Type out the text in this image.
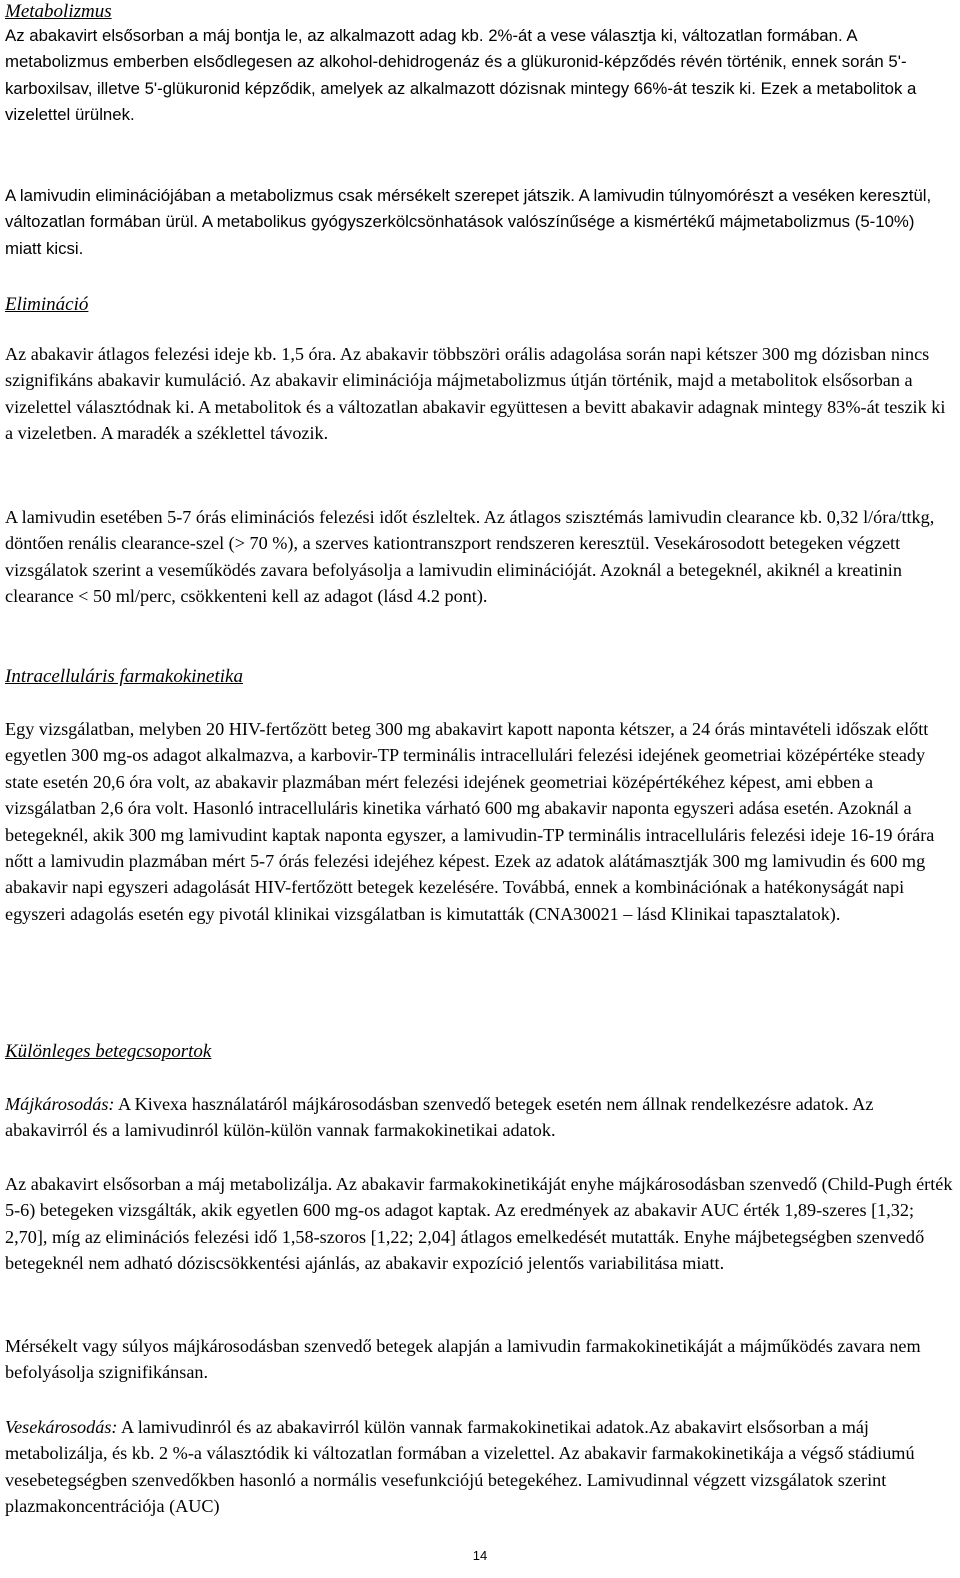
Metabolizmus

Az abakavirt elsősorban a máj bontja le, az alkalmazott adag kb. 2%-át a vese választja ki, változatlan formában. A metabolizmus emberben elsődlegesen az alkohol-dehidrogenáz és a glükuronid-képződés révén történik, ennek során 5'-karboxilsav, illetve 5'-glükuronid képződik, amelyek az alkalmazott dózisnak mintegy 66%-át teszik ki. Ezek a metabolitok a vizelettel ürülnek.

A lamivudin eliminációjában a metabolizmus csak mérsékelt szerepet játszik. A lamivudin túlnyomórészt a veséken keresztül, változatlan formában ürül. A metabolikus gyógyszerkölcsönhatások valószínűsége a kismértékű májmetabolizmus (5-10%) miatt kicsi.

Elimináció

Az abakavir átlagos felezési ideje kb. 1,5 óra. Az abakavir többszöri orális adagolása során napi kétszer 300 mg dózisban nincs szignifikáns abakavir kumuláció. Az abakavir eliminációja májmetabolizmus útján történik, majd a metabolitok elsősorban a vizelettel választódnak ki. A metabolitok és a változatlan abakavir együttesen a bevitt abakavir adagnak mintegy 83%-át teszik ki a vizeletben. A maradék a széklettel távozik.

A lamivudin esetében 5-7 órás eliminációs felezési időt észleltek. Az átlagos szisztémás lamivudin clearance kb. 0,32 l/óra/ttkg, döntően renális clearance-szel (> 70 %), a szerves kationtranszport rendszeren keresztül. Vesekárosodott betegeken végzett vizsgálatok szerint a veseműködés zavara befolyásolja a lamivudin eliminációját. Azoknál a betegeknél, akiknél a kreatinin clearance < 50 ml/perc, csökkenteni kell az adagot (lásd 4.2 pont).

Intracelluláris farmakokinetika

Egy vizsgálatban, melyben 20 HIV-fertőzött beteg 300 mg abakavirt kapott naponta kétszer, a 24 órás mintavételi időszak előtt egyetlen 300 mg-os adagot alkalmazva, a karbovir-TP terminális intracellulári felezési idejének geometriai középértéke steady state esetén 20,6 óra volt, az abakavir plazmában mért felezési idejének geometriai középértékéhez képest, ami ebben a vizsgálatban 2,6 óra volt. Hasonló intracelluláris kinetika várható 600 mg abakavir naponta egyszeri adása esetén. Azoknál a betegeknél, akik 300 mg lamivudint kaptak naponta egyszer, a lamivudin-TP terminális intracelluláris felezési ideje 16-19 órára nőtt a lamivudin plazmában mért 5-7 órás felezési idejéhez képest. Ezek az adatok alátámasztják 300 mg lamivudin és 600 mg abakavir napi egyszeri adagolását HIV-fertőzött betegek kezelésére. Továbbá, ennek a kombinációnak a hatékonyságát napi egyszeri adagolás esetén egy pivotál klinikai vizsgálatban is kimutatták (CNA30021 – lásd Klinikai tapasztalatok).

Különleges betegcsoportok

Májkárosodás: A Kivexa használatáról májkárosodásban szenvedő betegek esetén nem állnak rendelkezésre adatok. Az abakavirról és a lamivudinról külön-külön vannak farmakokinetikai adatok.

Az abakavirt elsősorban a máj metabolizálja. Az abakavir farmakokinetikáját enyhe májkárosodásban szenvedő (Child-Pugh érték 5-6) betegeken vizsgálták, akik egyetlen 600 mg-os adagot kaptak. Az eredmények az abakavir AUC érték 1,89-szeres [1,32; 2,70], míg az eliminációs felezési idő 1,58-szoros [1,22; 2,04] átlagos emelkedését mutatták. Enyhe májbetegségben szenvedő betegeknél nem adható dóziscsökkentési ajánlás, az abakavir expozíció jelentős variabilitása miatt.

Mérsékelt vagy súlyos májkárosodásban szenvedő betegek alapján a lamivudin farmakokinetikáját a májműködés zavara nem befolyásolja szignifikánsan.

Vesekárosodás: A lamivudinról és az abakavirról külön vannak farmakokinetikai adatok.Az abakavirt elsősorban a máj metabolizálja, és kb. 2 %-a választódik ki változatlan formában a vizelettel. Az abakavir farmakokinetikája a végső stádiumú vesebetegségben szenvedőkben hasonló a normális vesefunkciójú betegekéhez. Lamivudinnal végzett vizsgálatok szerint plazmakoncentrációja (AUC)

14
